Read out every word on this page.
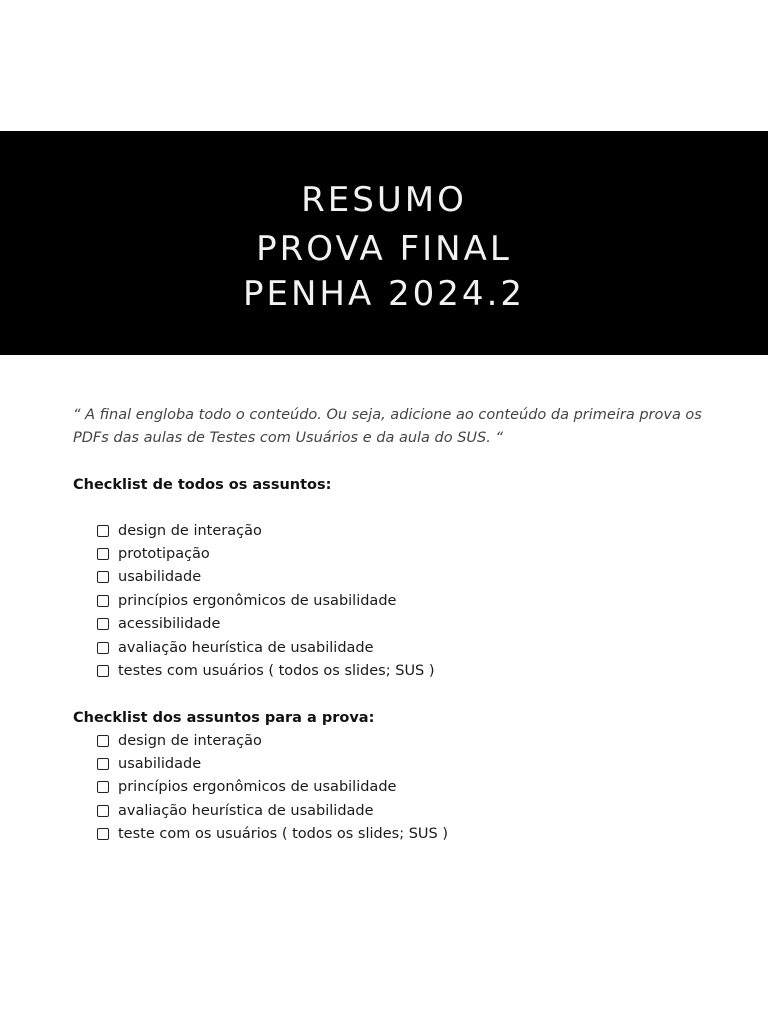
RESUMO
PROVA FINAL
PENHA 2024.2

“ A final engloba todo o conteúdo. Ou seja, adicione ao conteúdo da primeira prova os PDFs das aulas de Testes com Usuários e da aula do SUS. “

Checklist de todos os assuntos:

design de interação
prototipação
usabilidade
princípios ergonômicos de usabilidade
acessibilidade
avaliação heurística de usabilidade
testes com usuários ( todos os slides; SUS )

Checklist dos assuntos para a prova:

design de interação
usabilidade
princípios ergonômicos de usabilidade
avaliação heurística de usabilidade
teste com os usuários ( todos os slides; SUS )
